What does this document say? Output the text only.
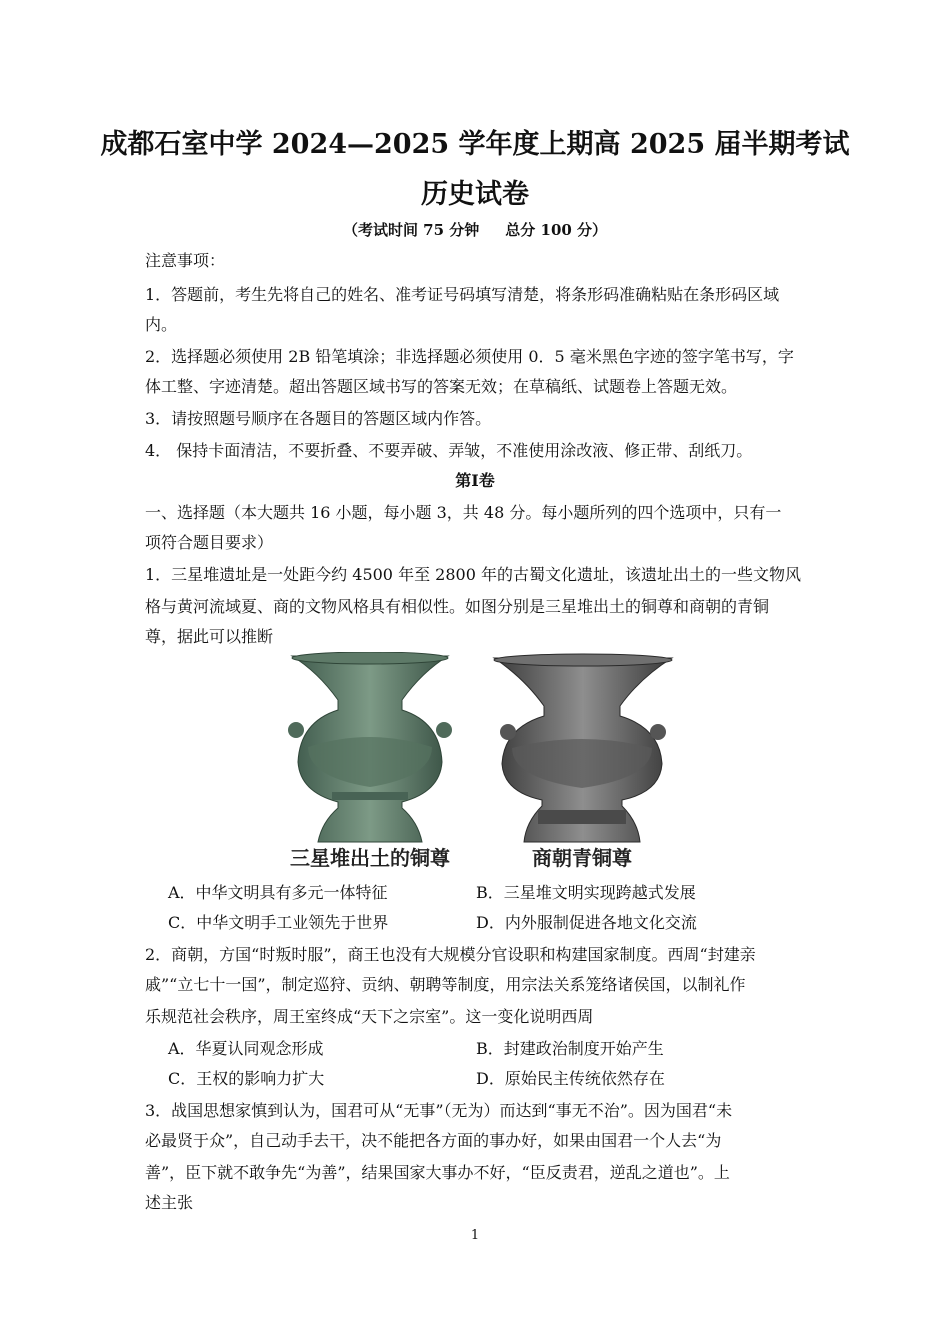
成都石室中学 2024—2025 学年度上期高 2025 届半期考试
历史试卷
（考试时间 75 分钟 总分 100 分）
注意事项：
1．答题前，考生先将自己的姓名、准考证号码填写清楚，将条形码准确粘贴在条形码区域
内。
2．选择题必须使用 2B 铅笔填涂；非选择题必须使用 0．5 毫米黑色字迹的签字笔书写，字
体工整、字迹清楚。超出答题区域书写的答案无效；在草稿纸、试题卷上答题无效。
3．请按照题号顺序在各题目的答题区域内作答。
4． 保持卡面清洁，不要折叠、不要弄破、弄皱，不准使用涂改液、修正带、刮纸刀。
第Ⅰ卷
一、选择题（本大题共 16 小题，每小题 3，共 48 分。每小题所列的四个选项中，只有一
项符合题目要求）
1．三星堆遗址是一处距今约 4500 年至 2800 年的古蜀文化遗址，该遗址出土的一些文物风
格与黄河流域夏、商的文物风格具有相似性。如图分别是三星堆出土的铜尊和商朝的青铜
尊，据此可以推断
三星堆出土的铜尊	商朝青铜尊
A．中华文明具有多元一体特征	B．三星堆文明实现跨越式发展
C．中华文明手工业领先于世界	D．内外服制促进各地文化交流
2．商朝，方国“时叛时服”，商王也没有大规模分官设职和构建国家制度。西周“封建亲
戚”“立七十一国”，制定巡狩、贡纳、朝聘等制度，用宗法关系笼络诸侯国，以制礼作
乐规范社会秩序，周王室终成“天下之宗室”。这一变化说明西周
A．华夏认同观念形成	B．封建政治制度开始产生
C．王权的影响力扩大	D．原始民主传统依然存在
3．战国思想家慎到认为，国君可从“无事”（无为）而达到“事无不治”。因为国君“未
必最贤于众”，自己动手去干，决不能把各方面的事办好，如果由国君一个人去“为
善”，臣下就不敢争先“为善”，结果国家大事办不好，“臣反责君，逆乱之道也”。上
述主张
1
